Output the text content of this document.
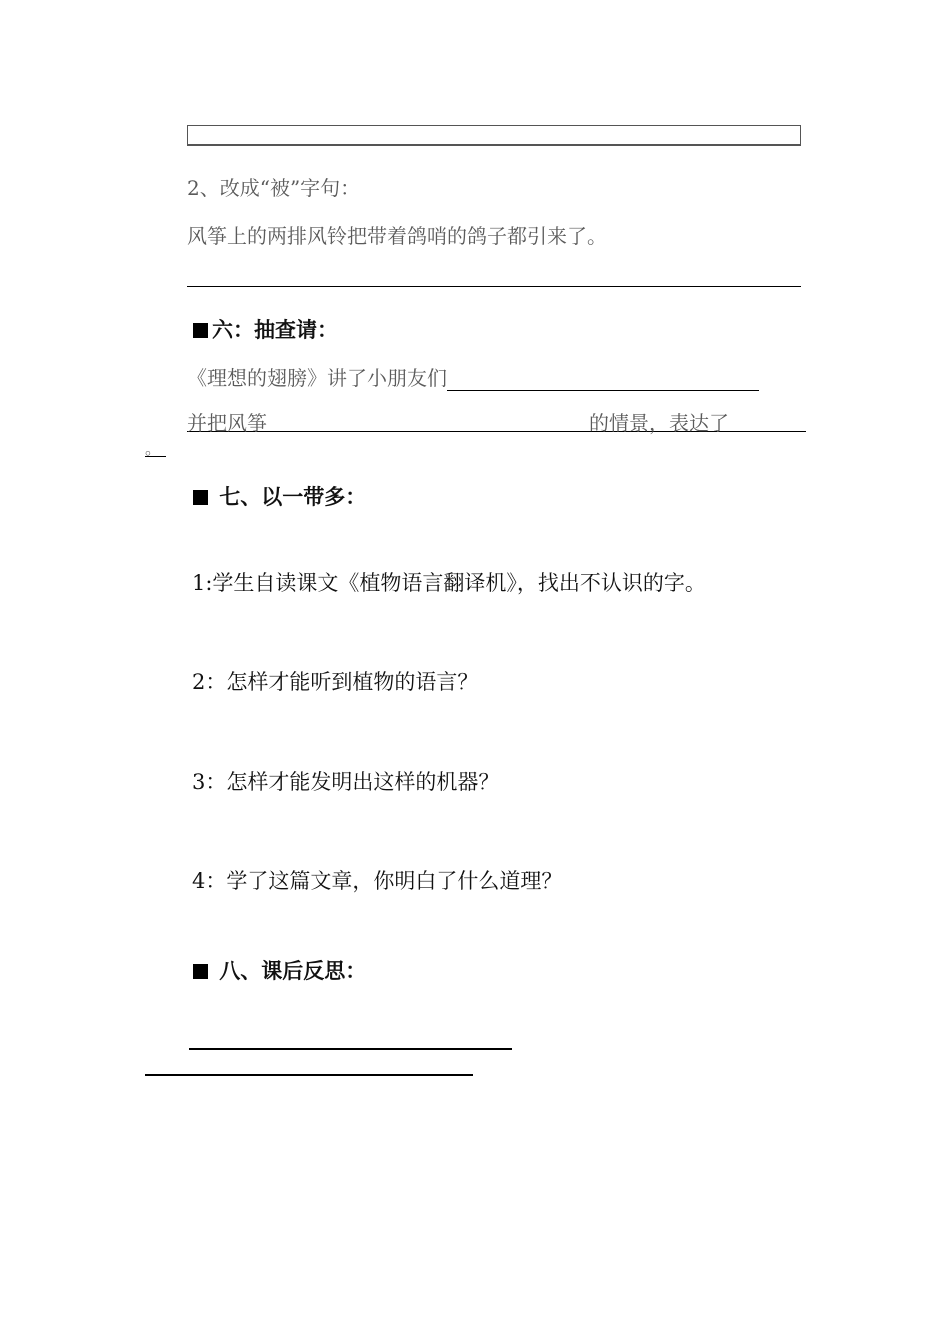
2、改成“被”字句：
风筝上的两排风铃把带着鸽哨的鸽子都引来了。
六：抽查请：
《理想的翅膀》讲了小朋友们
并把风筝	的情景，表达了
。
七、以一带多：
1:学生自读课文《植物语言翻译机》，找出不认识的字。
2：怎样才能听到植物的语言？
3：怎样才能发明出这样的机器？
4：学了这篇文章，你明白了什么道理？
八、课后反思：
